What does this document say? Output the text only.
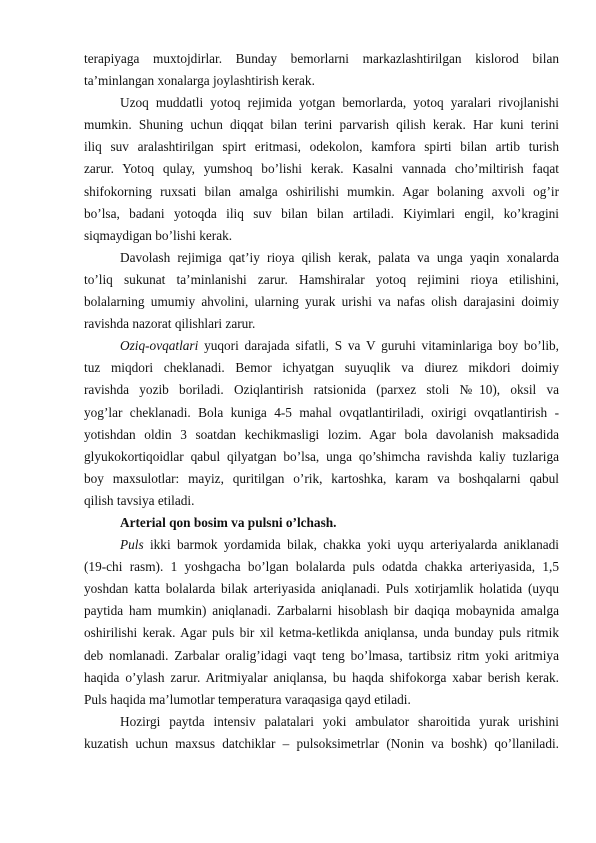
terapiyaga muxtojdirlar. Bunday bemorlarni markazlashtirilgan kislorod bilan

ta’minlangan xonalarga joylashtirish kerak.

Uzoq muddatli yotoq rejimida yotgan bemorlarda, yotoq yaralari rivojlanishi

mumkin. Shuning uchun diqqat bilan terini parvarish qilish kerak. Har kuni terini

iliq suv aralashtirilgan spirt eritmasi, odekolon, kamfora spirti bilan artib turish

zarur. Yotoq qulay, yumshoq bo’lishi kerak. Kasalni vannada cho’miltirish faqat

shifokorning ruxsati bilan amalga oshirilishi mumkin. Agar bolaning axvoli og’ir

bo’lsa, badani yotoqda iliq suv bilan bilan artiladi. Kiyimlari engil, ko’kragini

siqmaydigan bo’lishi kerak.

Davolash rejimiga qat’iy rioya qilish kerak, palata va unga yaqin xonalarda

to’liq sukunat ta’minlanishi zarur. Hamshiralar yotoq rejimini rioya etilishini,

bolalarning umumiy ahvolini, ularning yurak urishi va nafas olish darajasini doimiy

ravishda nazorat qilishlari zarur.

Oziq-ovqatlari yuqori darajada sifatli, S va V guruhi vitaminlariga boy bo’lib,

tuz miqdori cheklanadi. Bemor ichyatgan suyuqlik va diurez mikdori doimiy

ravishda yozib boriladi. Oziqlantirish ratsionida (parxez stoli №10), oksil va

yog’lar cheklanadi. Bola kuniga 4-5 mahal ovqatlantiriladi, oxirigi ovqatlantirish -

yotishdan oldin 3 soatdan kechikmasligi lozim. Agar bola davolanish maksadida

glyukokortiqoidlar qabul qilyatgan bo’lsa, unga qo’shimcha ravishda kaliy tuzlariga

boy maxsulotlar: mayiz, quritilgan o’rik, kartoshka, karam va boshqalarni qabul

qilish tavsiya etiladi.

Arterial qon bosim va pulsni o’lchash.

Puls ikki barmok yordamida bilak, chakka yoki uyqu arteriyalarda aniklanadi

(19-chi rasm). 1 yoshgacha bo’lgan bolalarda puls odatda chakka arteriyasida, 1,5

yoshdan katta bolalarda bilak arteriyasida aniqlanadi. Puls xotirjamlik holatida (uyqu

paytida ham mumkin) aniqlanadi. Zarbalarni hisoblash bir daqiqa mobaynida amalga

oshirilishi kerak. Agar puls bir xil ketma-ketlikda aniqlansa, unda bunday puls ritmik

deb nomlanadi. Zarbalar oralig’idagi vaqt teng bo’lmasa, tartibsiz ritm yoki aritmiya

haqida o’ylash zarur. Aritmiyalar aniqlansa, bu haqda shifokorga xabar berish kerak.

Puls haqida ma’lumotlar temperatura varaqasiga qayd etiladi.

Hozirgi paytda intensiv palatalari yoki ambulator sharoitida yurak urishini

kuzatish uchun maxsus datchiklar – pulsoksimetrlar (Nonin va boshk) qo’llaniladi.
